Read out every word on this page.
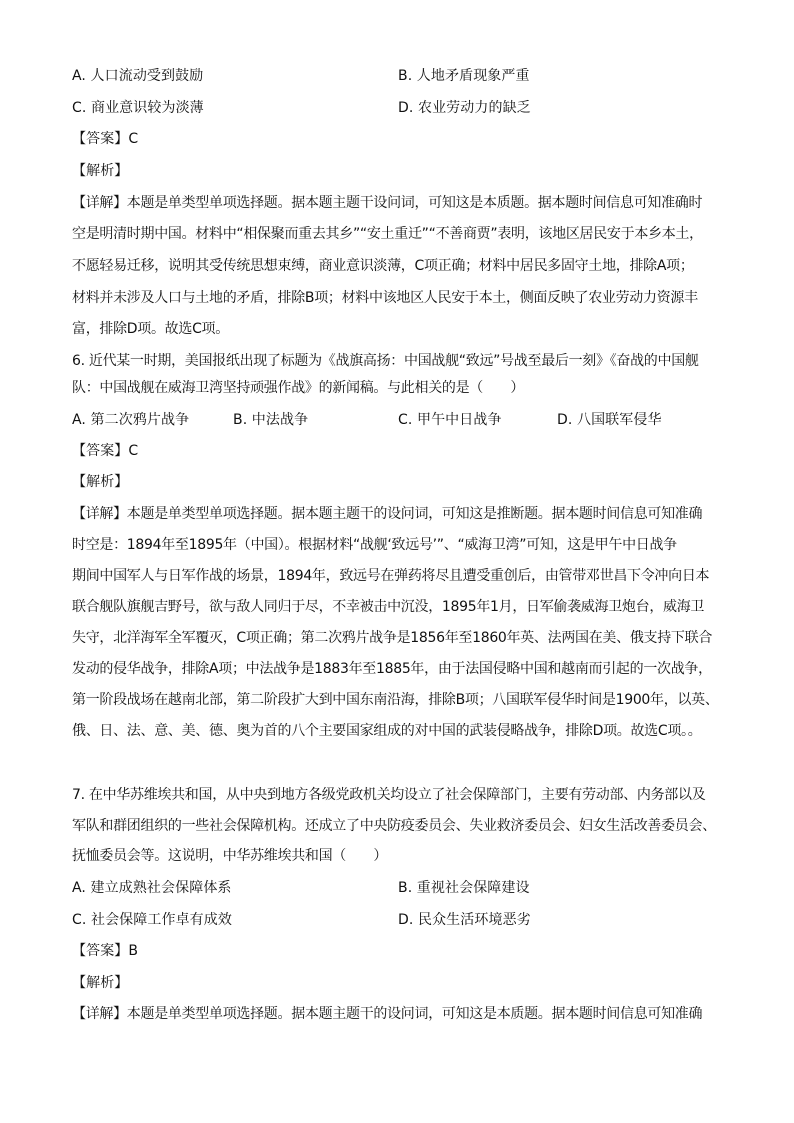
A. 人口流动受到鼓励	B. 人地矛盾现象严重
C. 商业意识较为淡薄	D. 农业劳动力的缺乏
【答案】C
【解析】
【详解】本题是单类型单项选择题。据本题主题干设问词，可知这是本质题。据本题时间信息可知准确时
空是明清时期中国。材料中“相保聚而重去其乡”“安土重迁”“不善商贾”表明，该地区居民安于本乡本土，
不愿轻易迁移，说明其受传统思想束缚，商业意识淡薄，C项正确；材料中居民多固守土地，排除A项；
材料并未涉及人口与土地的矛盾，排除B项；材料中该地区人民安于本土，侧面反映了农业劳动力资源丰
富，排除D项。故选C项。
6. 近代某一时期，美国报纸出现了标题为《战旗高扬：中国战舰“致远”号战至最后一刻》《奋战的中国舰
队：中国战舰在威海卫湾坚持顽强作战》的新闻稿。与此相关的是（　　）
A. 第二次鸦片战争	B. 中法战争	C. 甲午中日战争	D. 八国联军侵华
【答案】C
【解析】
【详解】本题是单类型单项选择题。据本题主题干的设问词，可知这是推断题。据本题时间信息可知准确
时空是：1894年至1895年（中国）。根据材料“战舰‘致远号’”、“威海卫湾”可知，这是甲午中日战争
期间中国军人与日军作战的场景，1894年，致远号在弹药将尽且遭受重创后，由管带邓世昌下令冲向日本
联合舰队旗舰吉野号，欲与敌人同归于尽，不幸被击中沉没，1895年1月，日军偷袭威海卫炮台，威海卫
失守，北洋海军全军覆灭，C项正确；第二次鸦片战争是1856年至1860年英、法两国在美、俄支持下联合
发动的侵华战争，排除A项；中法战争是1883年至1885年，由于法国侵略中国和越南而引起的一次战争，
第一阶段战场在越南北部，第二阶段扩大到中国东南沿海，排除B项；八国联军侵华时间是1900年，以英、
俄、日、法、意、美、德、奥为首的八个主要国家组成的对中国的武装侵略战争，排除D项。故选C项。。
7. 在中华苏维埃共和国，从中央到地方各级党政机关均设立了社会保障部门，主要有劳动部、内务部以及
军队和群团组织的一些社会保障机构。还成立了中央防疫委员会、失业救济委员会、妇女生活改善委员会、
抚恤委员会等。这说明，中华苏维埃共和国（　　）
A. 建立成熟社会保障体系	B. 重视社会保障建设
C. 社会保障工作卓有成效	D. 民众生活环境恶劣
【答案】B
【解析】
【详解】本题是单类型单项选择题。据本题主题干的设问词，可知这是本质题。据本题时间信息可知准确
